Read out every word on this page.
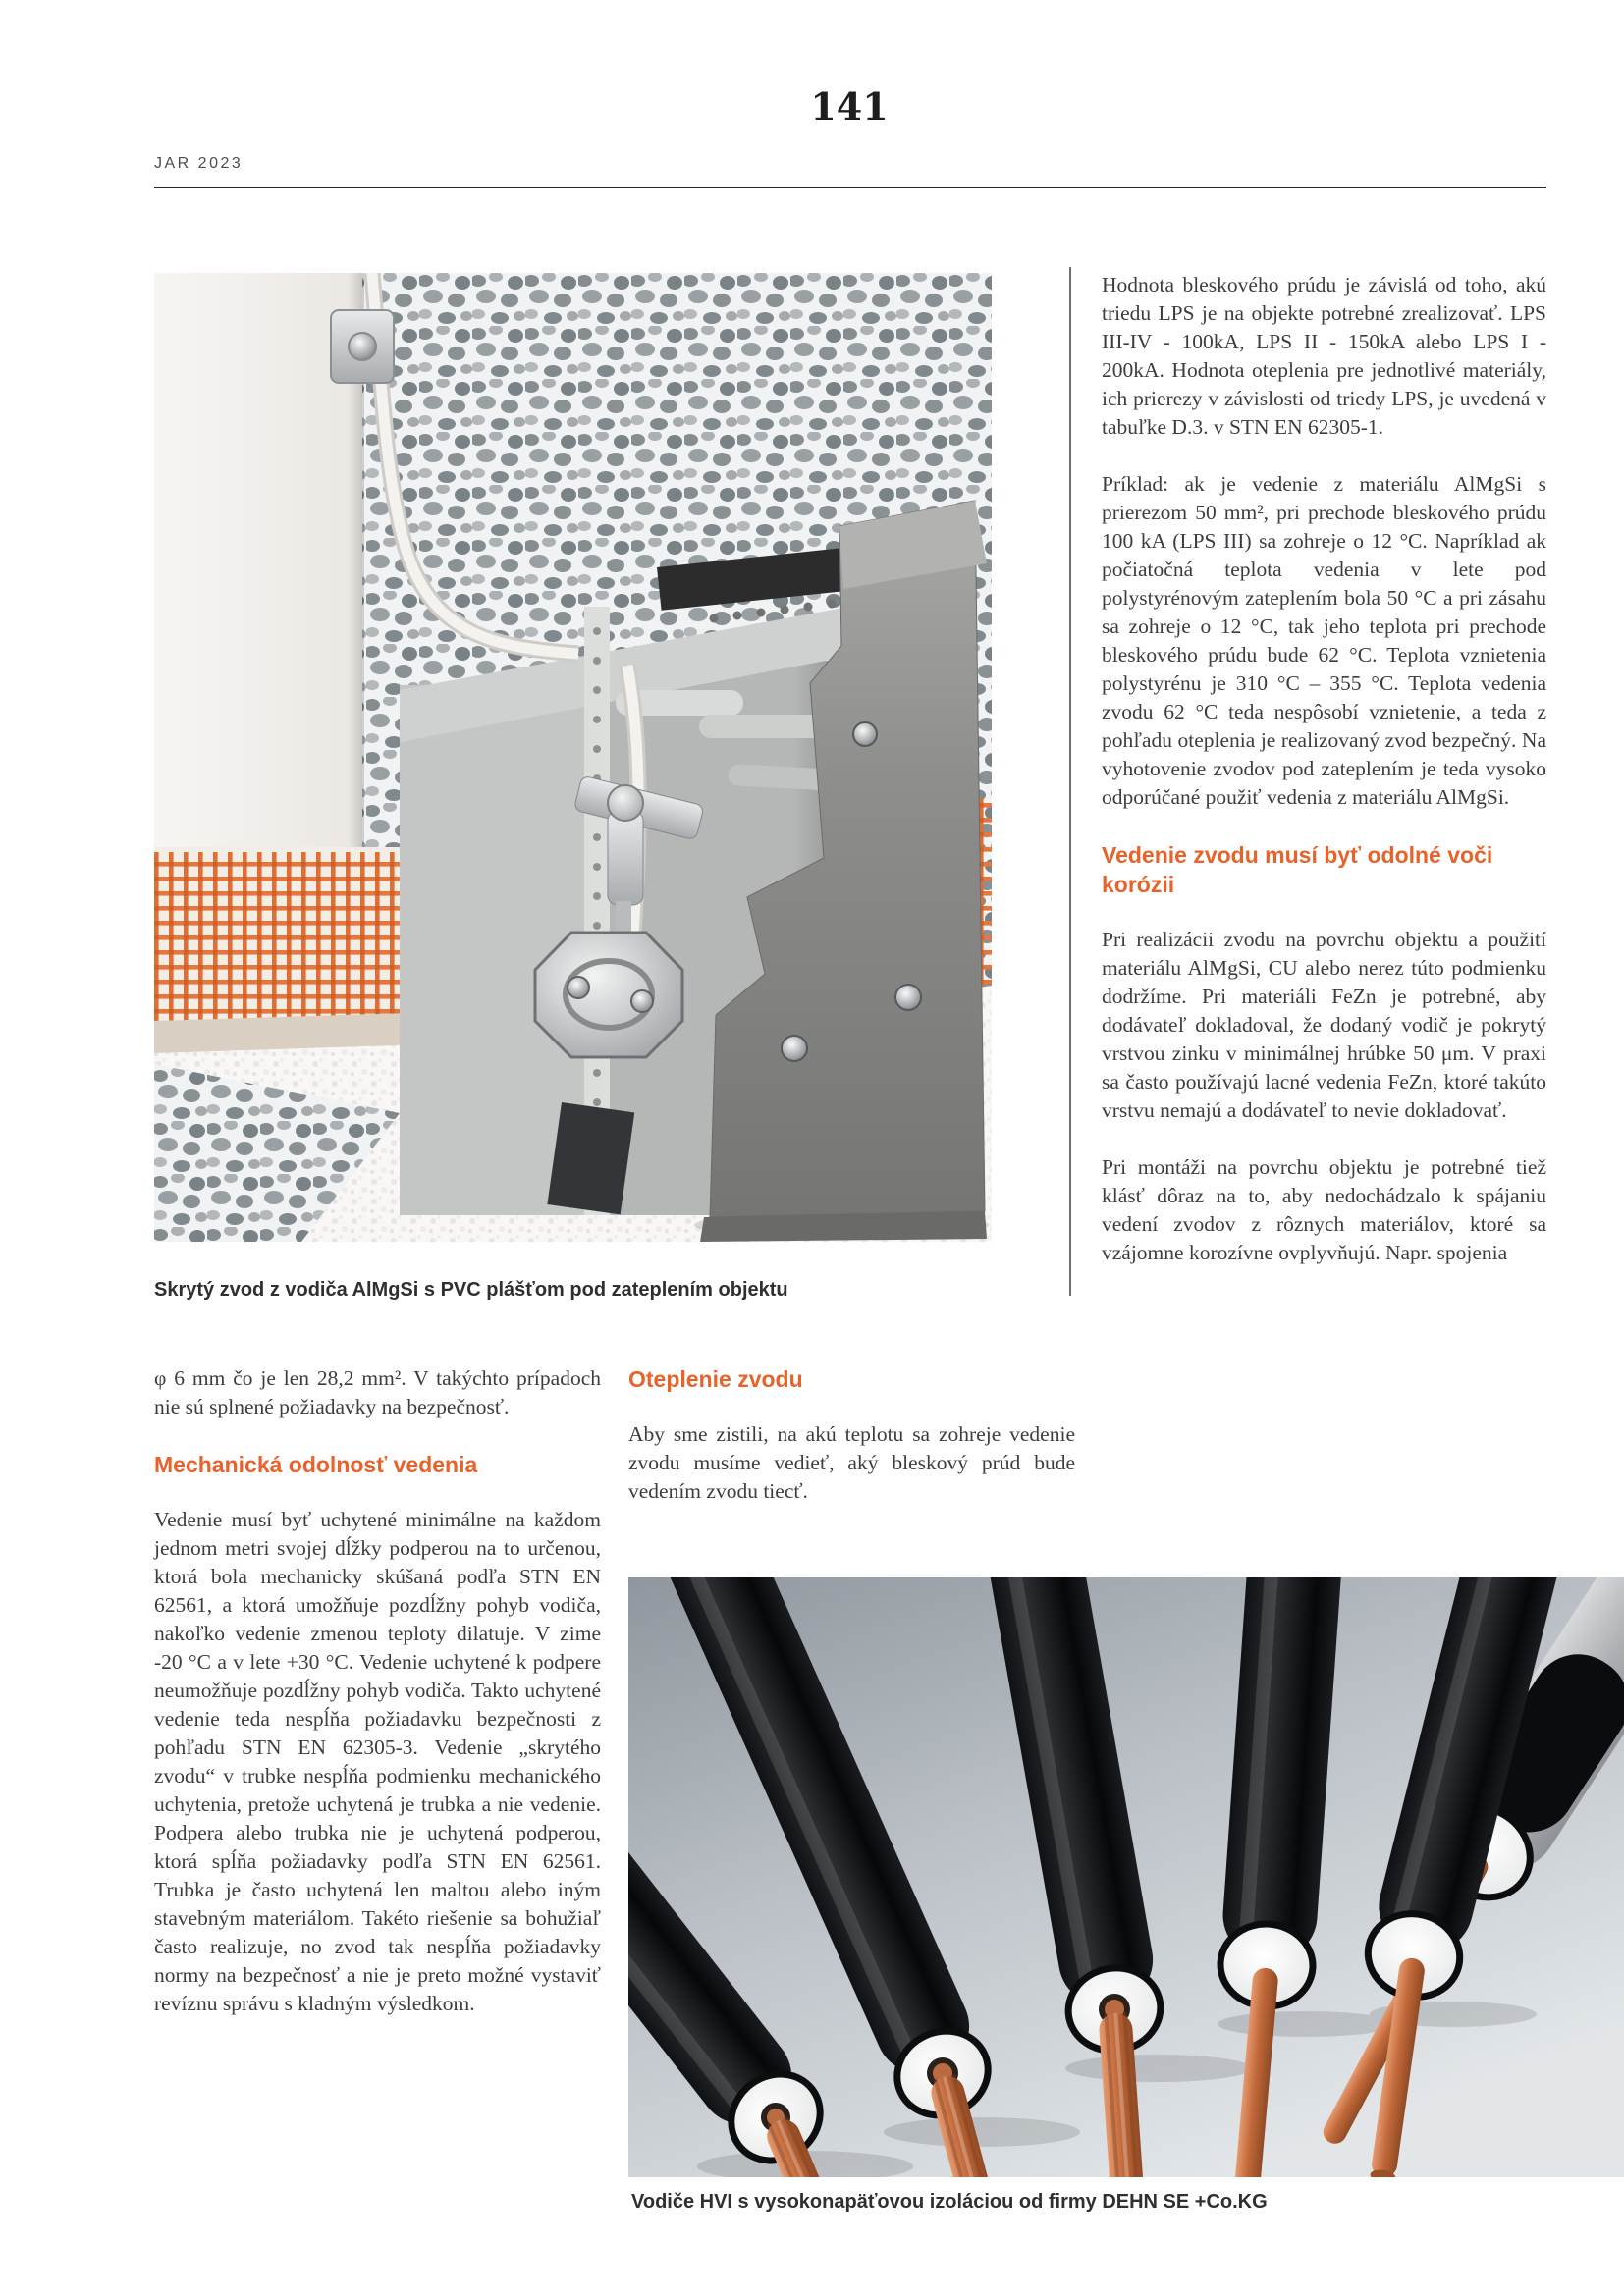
141
JAR 2023
Skrytý zvod z vodiča AlMgSi s PVC plášťom pod zateplením objektu

Hodnota bleskového prúdu je závislá od toho, akú triedu LPS je na objekte potrebné zrealizovať. LPS III-IV - 100kA, LPS II - 150kA alebo LPS I - 200kA. Hodnota oteplenia pre jednotlivé materiály, ich prierezy v závislosti od triedy LPS, je uvedená v tabuľke D.3. v STN EN 62305-1.

Príklad: ak je vedenie z materiálu AlMgSi s prierezom 50 mm², pri prechode bleskového prúdu 100 kA (LPS III) sa zohreje o 12 °C. Napríklad ak počiatočná teplota vedenia v lete pod polystyrénovým zateplením bola 50 °C a pri zásahu sa zohreje o 12 °C, tak jeho teplota pri prechode bleskového prúdu bude 62 °C. Teplota vznietenia polystyrénu je 310 °C – 355 °C. Teplota vedenia zvodu 62 °C teda nespôsobí vznietenie, a teda z pohľadu oteplenia je realizovaný zvod bezpečný. Na vyhotovenie zvodov pod zateplením je teda vysoko odporúčané použiť vedenia z materiálu AlMgSi.

Vedenie zvodu musí byť odolné voči korózii

Pri realizácii zvodu na povrchu objektu a použití materiálu AlMgSi, CU alebo nerez túto podmienku dodržíme. Pri materiáli FeZn je potrebné, aby dodávateľ dokladoval, že dodaný vodič je pokrytý vrstvou zinku v minimálnej hrúbke 50 μm. V praxi sa často používajú lacné vedenia FeZn, ktoré takúto vrstvu nemajú a dodávateľ to nevie dokladovať.

Pri montáži na povrchu objektu je potrebné tiež klásť dôraz na to, aby nedochádzalo k spájaniu vedení zvodov z rôznych materiálov, ktoré sa vzájomne korozívne ovplyvňujú. Napr. spojenia

φ 6 mm čo je len 28,2 mm². V takýchto prípadoch nie sú splnené požiadavky na bezpečnosť.

Mechanická odolnosť vedenia

Vedenie musí byť uchytené minimálne na každom jednom metri svojej dĺžky podperou na to určenou, ktorá bola mechanicky skúšaná podľa STN EN 62561, a ktorá umožňuje pozdĺžny pohyb vodiča, nakoľko vedenie zmenou teploty dilatuje. V zime -20 °C a v lete +30 °C. Vedenie uchytené k podpere neumožňuje pozdĺžny pohyb vodiča. Takto uchytené vedenie teda nespĺňa požiadavku bezpečnosti z pohľadu STN EN 62305-3. Vedenie „skrytého zvodu“ v trubke nespĺňa podmienku mechanického uchytenia, pretože uchytená je trubka a nie vedenie. Podpera alebo trubka nie je uchytená podperou, ktorá spĺňa požiadavky podľa STN EN 62561. Trubka je často uchytená len maltou alebo iným stavebným materiálom. Takéto riešenie sa bohužiaľ často realizuje, no zvod tak nespĺňa požiadavky normy na bezpečnosť a nie je preto možné vystaviť revíznu správu s kladným výsledkom.

Oteplenie zvodu

Aby sme zistili, na akú teplotu sa zohreje vedenie zvodu musíme vedieť, aký bleskový prúd bude vedením zvodu tiecť.

Vodiče HVI s vysokonapäťovou izoláciou od firmy DEHN SE +Co.KG
